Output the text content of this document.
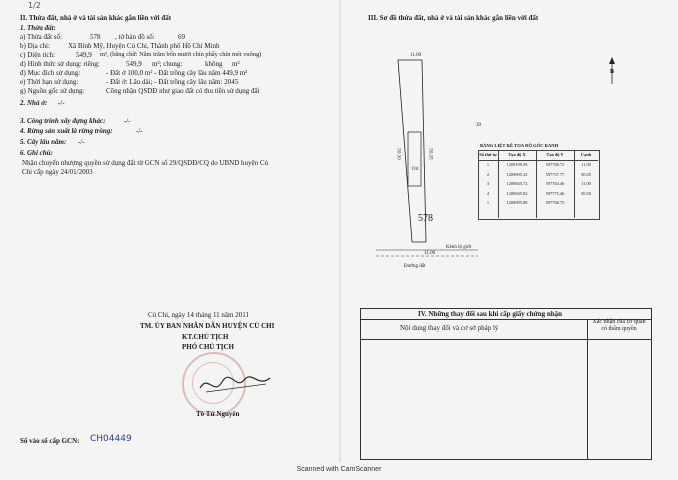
1/2
II. Thửa đất, nhà ở và tài sản khác gắn liền với đất
1. Thửa đất:
a) Thửa đất số:	578 , tờ bản đồ số:	69
b) Địa chỉ:	Xã Bình Mỹ, Huyện Củ Chi, Thành phố Hồ Chí Minh
c) Diện tích:	549,9 m², (bằng chữ: Năm trăm bốn mươi chín phẩy chín mét vuông)
d) Hình thức sử dụng: riêng:	549,9 m²; chung:	không m²
đ) Mục đích sử dụng:	- Đất ở 100,0 m² - Đất trồng cây lâu năm 449,9 m²
e) Thời hạn sử dụng:	- Đất ở: Lâu dài; - Đất trồng cây lâu năm: 2045
g) Nguồn gốc sử dụng:	Công nhận QSDĐ như giao đất có thu tiền sử dụng đất
2. Nhà ở: -/-
3. Công trình xây dựng khác:	-/-
4. Rừng sản xuất là rừng trồng:	-/-
5. Cây lâu năm: -/-
6. Ghi chú:
Nhận chuyển nhượng quyền sử dụng đất từ GCN số 29/QSDĐ/CQ do UBND huyện Củ
Chi cấp ngày 24/01/2003
Củ Chi, ngày 14 tháng 11 năm 2011
TM. ỦY BAN NHÂN DÂN HUYỆN CỦ CHI
KT.CHỦ TỊCH
PHÓ CHỦ TỊCH
Tô Từ Nguyên
Số vào sổ cấp GCN: CH04449
III. Sơ đồ thửa đất, nhà ở và tài sản khác gắn liền với đất
11.00
50.30	50.35
Ori
578
39
Kênh lộ giới
Đường đất
11.00
B
BẢNG LIỆT KÊ TỌA ĐỘ GÓC RANH
Số thứ tự	Tọa độ X	Tọa độ Y	Cạnh
1	1209199.58	597768.75	11.00
2	1209095.32	597757.77	50.05
3	1209045.72	597764.46	11.00
4	1209045.82	597775.46	50.50
1	1209095.88	597768.75
IV. Những thay đổi sau khi cấp giấy chứng nhận
Nội dung thay đổi và cơ sở pháp lý
Xác nhận của cơ quan có thẩm quyền
Scanned with CamScanner
